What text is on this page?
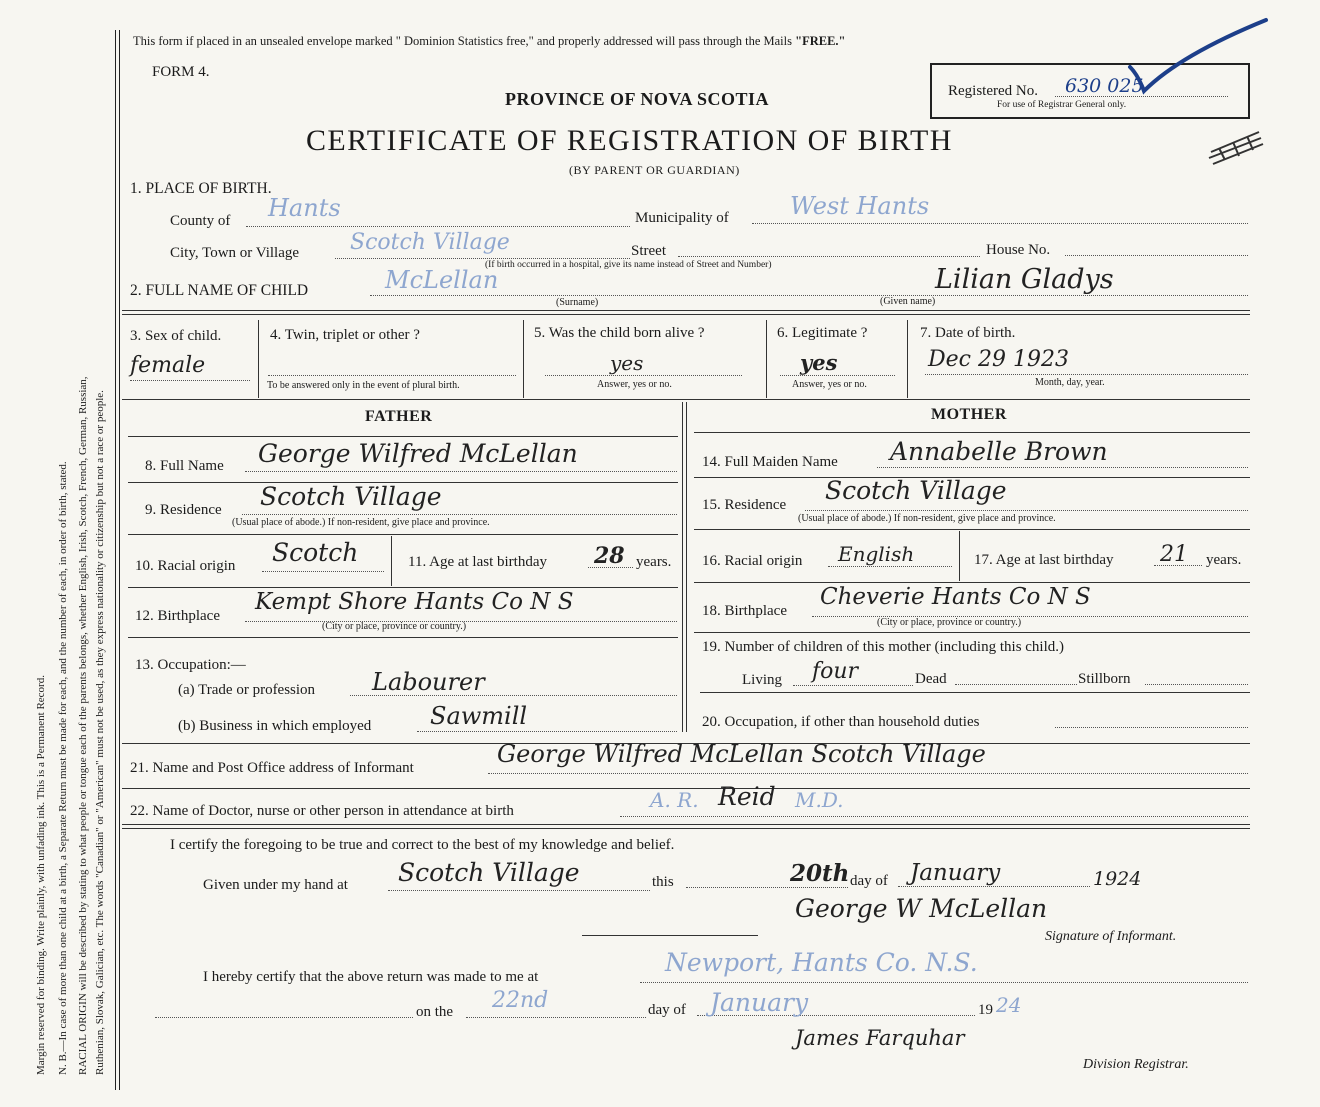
Margin reserved for binding. Write plainly, with unfading ink. This is a Permanent Record. N. B.—In case of more than one child at a birth, a Separate Return must be made for each, and the number of each, in order of birth, stated. RACIAL ORIGIN will be described by stating to what people or tongue each of the parents belongs, whether English, Irish, Scotch, French, German, Russian, Ruthenian, Slovak, Galician, etc. The words "Canadian" or "American" must not be used, as they express nationality or citizenship but not a race or people.
This form if placed in an unsealed envelope marked " Dominion Statistics free," and properly addressed will pass through the Mails "FREE."
FORM 4.
PROVINCE OF NOVA SCOTIA
CERTIFICATE OF REGISTRATION OF BIRTH
(BY PARENT OR GUARDIAN)
Registered No. 630 025
For use of Registrar General only.
1. PLACE OF BIRTH.
County of Hants	Municipality of	West Hants
City, Town or Village Scotch Village	Street	House No.
(If birth occurred in a hospital, give its name instead of Street and Number)
2. FULL NAME OF CHILD	McLellan
(Surname)
Lilian Gladys
(Given name)
3. Sex of child.
female
4. Twin, triplet or other ?
To be answered only in the event of plural birth.
5. Was the child born alive ?
yes
Answer, yes or no.
6. Legitimate ?
yes
Answer, yes or no.
7. Date of birth.
Dec 29 1923
Month, day, year.
FATHER	MOTHER
8. Full Name George Wilfred McLellan
9. Residence Scotch Village
(Usual place of abode.) If non-resident, give place and province.
10. Racial origin Scotch	11. Age at last birthday 28 years.
12. Birthplace
Kempt Shore Hants Co N S
(City or place, province or country.)
13. Occupation:—
(a) Trade or profession Labourer
(b) Business in which employed Sawmill
14. Full Maiden Name Annabelle Brown
15. Residence Scotch Village
(Usual place of abode.) If non-resident, give place and province.
16. Racial origin English	17. Age at last birthday 21 years.
18. Birthplace
Cheverie Hants Co N S
(City or place, province or country.)
19. Number of children of this mother (including this child.)
Living four	Dead	Stillborn
20. Occupation, if other than household duties
21. Name and Post Office address of Informant	George Wilfred McLellan Scotch Village
22. Name of Doctor, nurse or other person in attendance at birth	A. R. Reid M.D.
I certify the foregoing to be true and correct to the best of my knowledge and belief.
Given under my hand at Scotch Village	this	20th day of January	1924
George W McLellan
Signature of Informant.
I hereby certify that the above return was made to me at	Newport, Hants Co. N.S.
on the 22nd	day of January	19 24
James Farquhar
Division Registrar.
